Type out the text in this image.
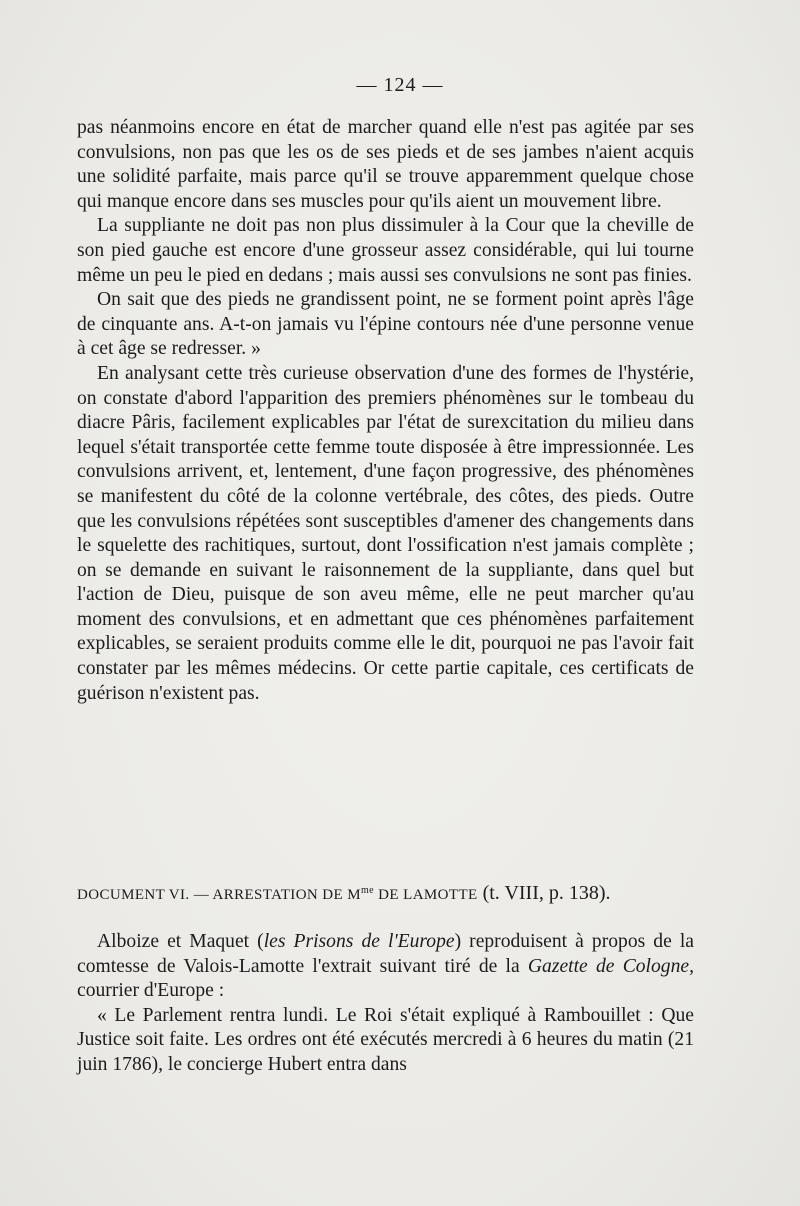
— 124 —

pas néanmoins encore en état de marcher quand elle n'est pas agitée par ses convulsions, non pas que les os de ses pieds et de ses jambes n'aient acquis une solidité parfaite, mais parce qu'il se trouve apparemment quelque chose qui manque encore dans ses muscles pour qu'ils aient un mouvement libre.

La suppliante ne doit pas non plus dissimuler à la Cour que la cheville de son pied gauche est encore d'une grosseur assez considérable, qui lui tourne même un peu le pied en dedans ; mais aussi ses convulsions ne sont pas finies.

On sait que des pieds ne grandissent point, ne se forment point après l'âge de cinquante ans. A-t-on jamais vu l'épine contours née d'une personne venue à cet âge se redresser. »

En analysant cette très curieuse observation d'une des formes de l'hystérie, on constate d'abord l'apparition des premiers phénomènes sur le tombeau du diacre Pâris, facilement explicables par l'état de surexcitation du milieu dans lequel s'était transportée cette femme toute disposée à être impressionnée. Les convulsions arrivent, et, lentement, d'une façon progressive, des phénomènes se manifestent du côté de la colonne vertébrale, des côtes, des pieds. Outre que les convulsions répétées sont susceptibles d'amener des changements dans le squelette des rachitiques, surtout, dont l'ossification n'est jamais complète ; on se demande en suivant le raisonnement de la suppliante, dans quel but l'action de Dieu, puisque de son aveu même, elle ne peut marcher qu'au moment des convulsions, et en admettant que ces phénomènes parfaitement explicables, se seraient produits comme elle le dit, pourquoi ne pas l'avoir fait constater par les mêmes médecins. Or cette partie capitale, ces certificats de guérison n'existent pas.

DOCUMENT VI. — ARRESTATION DE $M^{me}$ DE LAMOTTE (t. VIII, p. 138).

Alboize et Maquet (les Prisons de l'Europe) reproduisent à propos de la comtesse de Valois-Lamotte l'extrait suivant tiré de la Gazette de Cologne, courrier d'Europe :

« Le Parlement rentra lundi. Le Roi s'était expliqué à Rambouillet : Que Justice soit faite. Les ordres ont été exécutés mercredi à 6 heures du matin (21 juin 1786), le concierge Hubert entra dans
